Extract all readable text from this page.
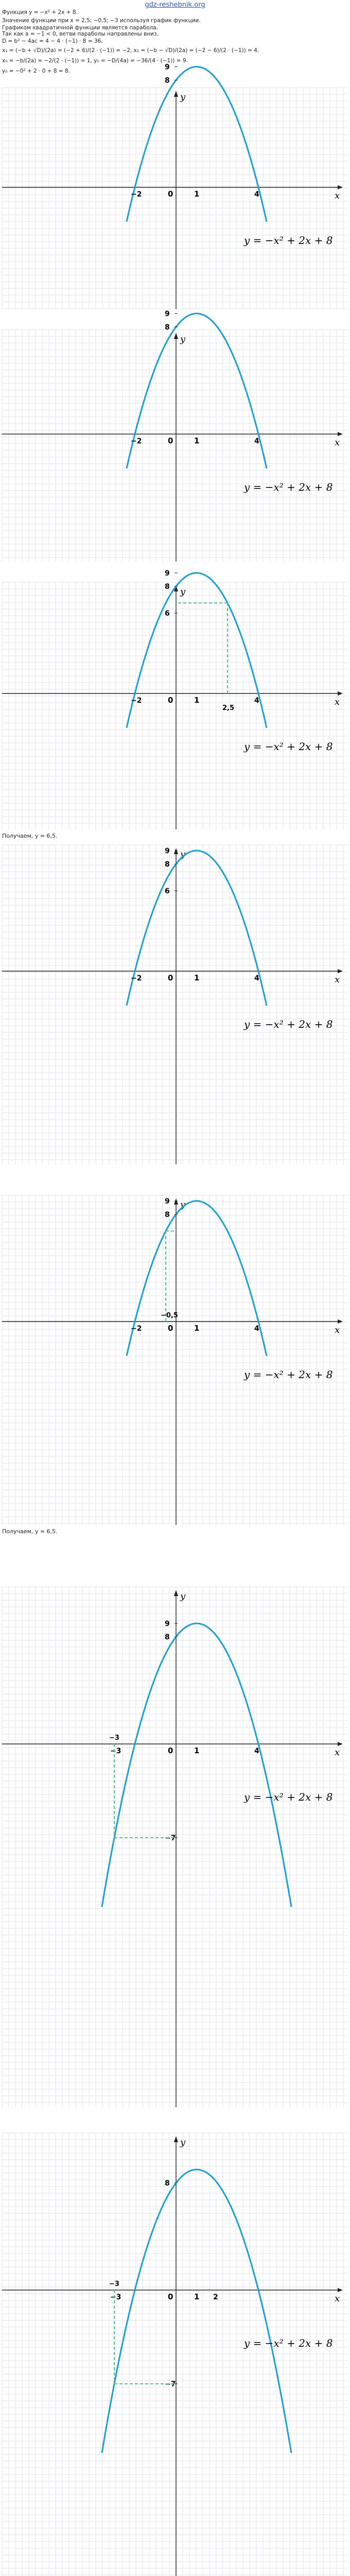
gdz-reshebnik.org
Функция y = −x² + 2x + 8.
Значение функции при x = 2,5; −0,5; −3 используя график функции.
Графиком квадратичной функции является парабола.
Так как a = −1 < 0, ветви параболы направлены вниз.
D = b² − 4ac = 4 − 4 · (−1) · 8 = 36.
x₁ = (−b + √D)/(2a) = (−2 + 6)/(2 · (−1)) = −2, x₂ = (−b − √D)/(2a) = (−2 − 6)/(2 · (−1)) = 4.
x₀ = −b/(2a) = −2/(2 · (−1)) = 1, y₀ = −D/(4a) = −36/(4 · (−1)) = 9.
y₀ = −0² + 2 · 0 + 8 = 8.
x
y
0	1
9
8
−2	4
y = −x² + 2x + 8
x
y
0	1
9
8
−2	4
y = −x² + 2x + 8
x
y
0	1
9
8
6
−2	4
2,5
y = −x² + 2x + 8
Получаем, y ≈ 6,5.
x
y
0	1
9
8
6
−2	4
y = −x² + 2x + 8
x
y
0	1
9
8
−2	4
−0,5
y = −x² + 2x + 8
Получаем, y ≈ 6,5.
x
y
0	1
9
8
−7
−3	4
−3
y = −x² + 2x + 8
x
y
0	1
8
−7
−3	2
−3
y = −x² + 2x + 8
